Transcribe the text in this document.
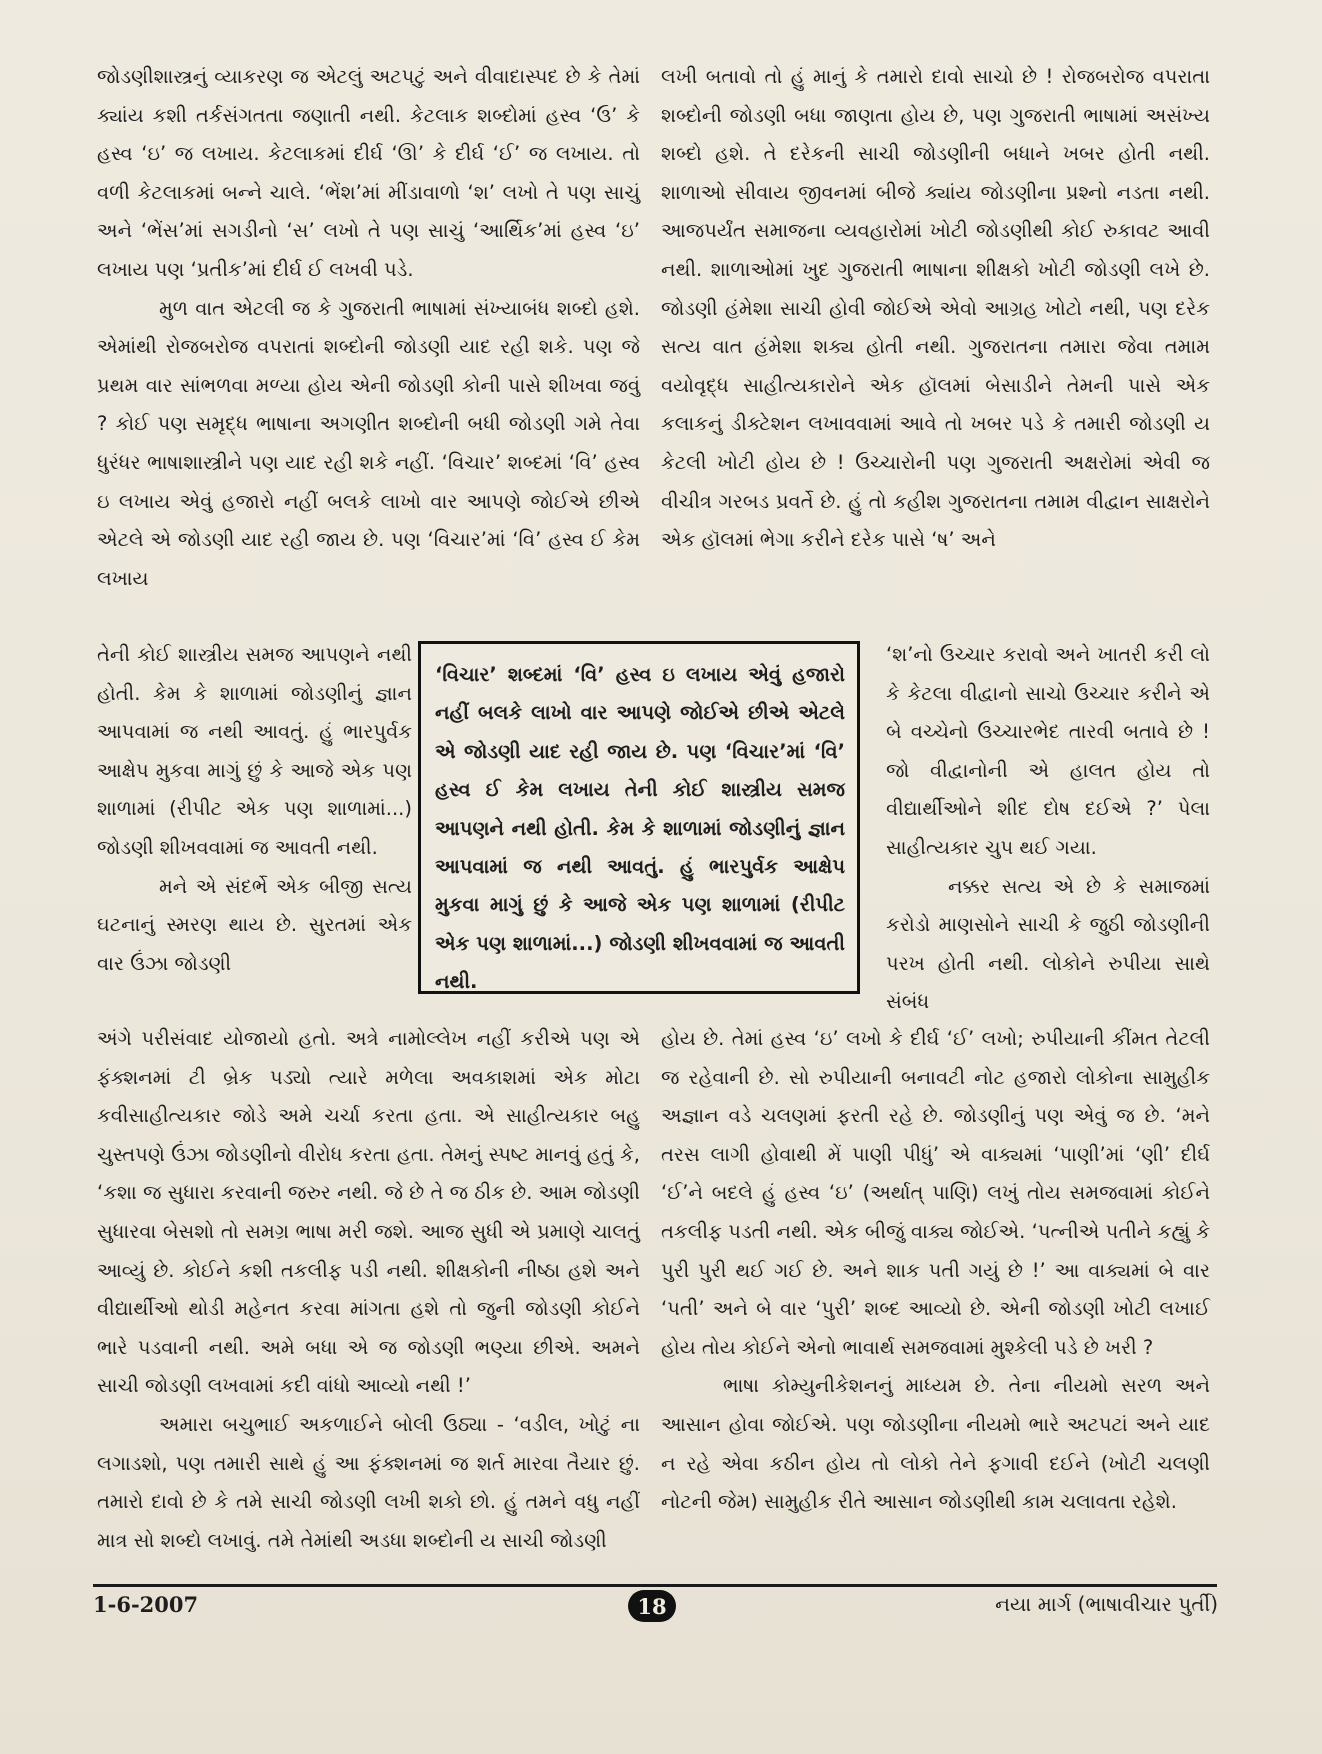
જોડણીશાસ્ત્રનું વ્યાકરણ જ એટલું અટપટું અને વીવાદાસ્પદ છે કે તેમાં ક્યાંય કશી તર્કસંગતતા જણાતી નથી. કેટલાક શબ્દોમાં હસ્વ ‘ઉ’ કે હસ્વ ‘ઇ’ જ લખાય. કેટલાકમાં દીર્ઘ ‘ઊ’ કે દીર્ઘ ‘ઈ’ જ લખાય. તો વળી કેટલાકમાં બન્ને ચાલે. ‘ભેંશ’માં મીંડાવાળો ‘શ’ લખો તે પણ સાચું અને ‘ભેંસ’માં સગડીનો ‘સ’ લખો તે પણ સાચું ‘આર્થિક’માં હસ્વ ‘ઇ’ લખાય પણ ‘પ્રતીક’માં દીર્ઘ ઈ લખવી પડે.

મુળ વાત એટલી જ કે ગુજરાતી ભાષામાં સંખ્યાબંધ શબ્દો હશે. એમાંથી રોજબરોજ વપરાતાં શબ્દોની જોડણી યાદ રહી શકે. પણ જે પ્રથમ વાર સાંભળવા મળ્યા હોય એની જોડણી કોની પાસે શીખવા જવું ? કોઈ પણ સમૃદ્ધ ભાષાના અગણીત શબ્દોની બધી જોડણી ગમે તેવા ધુરંધર ભાષાશાસ્ત્રીને પણ યાદ રહી શકે નહીં. ‘વિચાર’ શબ્દમાં ‘વિ’ હસ્વ ઇ લખાય એવું હજારો નહીં બલકે લાખો વાર આપણે જોઈએ છીએ એટલે એ જોડણી યાદ રહી જાય છે. પણ ‘વિચાર’માં ‘વિ’ હસ્વ ઈ કેમ લખાય

તેની કોઈ શાસ્ત્રીય સમજ આપણને નથી હોતી. કેમ કે શાળામાં જોડણીનું જ્ઞાન આપવામાં જ નથી આવતું. હું ભારપુર્વક આક્ષેપ મુકવા માગું છું કે આજે એક પણ શાળામાં (રીપીટ એક પણ શાળામાં...) જોડણી શીખવવામાં જ આવતી નથી.

મને એ સંદર્ભે એક બીજી સત્ય ઘટનાનું સ્મરણ થાય છે. સુરતમાં એક વાર ઉંઝા જોડણી

‘વિચાર’ શબ્દમાં ‘વિ’ હસ્વ ઇ લખાય એવું હજારો નહીં બલકે લાખો વાર આપણે જોઈએ છીએ એટલે એ જોડણી યાદ રહી જાય છે. પણ ‘વિચાર’માં ‘વિ’ હસ્વ ઈ કેમ લખાય તેની કોઈ શાસ્ત્રીય સમજ આપણને નથી હોતી. કેમ કે શાળામાં જોડણીનું જ્ઞાન આપવામાં જ નથી આવતું. હું ભારપુર્વક આક્ષેપ મુકવા માગું છું કે આજે એક પણ શાળામાં (રીપીટ એક પણ શાળામાં...) જોડણી શીખવવામાં જ આવતી નથી.

અંગે પરીસંવાદ યોજાયો હતો. અત્રે નામોલ્લેખ નહીં કરીએ પણ એ ફંક્શનમાં ટી બ્રેક પડ્યો ત્યારે મળેલા અવકાશમાં એક મોટા કવીસાહીત્યકાર જોડે અમે ચર્ચા કરતા હતા. એ સાહીત્યકાર બહુ ચુસ્તપણે ઉંઝા જોડણીનો વીરોધ કરતા હતા. તેમનું સ્પષ્ટ માનવું હતું કે, ‘કશા જ સુધારા કરવાની જરુર નથી. જે છે તે જ ઠીક છે. આમ જોડણી સુધારવા બેસશો તો સમગ્ર ભાષા મરી જશે. આજ સુધી એ પ્રમાણે ચાલતું આવ્યું છે. કોઈને કશી તકલીફ પડી નથી. શીક્ષકોની નીષ્ઠા હશે અને વીદ્યાર્થીઓ થોડી મહેનત કરવા માંગતા હશે તો જુની જોડણી કોઈને ભારે પડવાની નથી. અમે બધા એ જ જોડણી ભણ્યા છીએ. અમને સાચી જોડણી લખવામાં કદી વાંધો આવ્યો નથી !’

અમારા બચુભાઈ અકળાઈને બોલી ઉઠ્યા - ‘વડીલ, ખોટું ના લગાડશો, પણ તમારી સાથે હું આ ફંક્શનમાં જ શર્ત મારવા તૈયાર છું. તમારો દાવો છે કે તમે સાચી જોડણી લખી શકો છો. હું તમને વધુ નહીં માત્ર સો શબ્દો લખાવું. તમે તેમાંથી અડધા શબ્દોની ય સાચી જોડણી

લખી બતાવો તો હું માનું કે તમારો દાવો સાચો છે ! રોજબરોજ વપરાતા શબ્દોની જોડણી બધા જાણતા હોય છે, પણ ગુજરાતી ભાષામાં અસંખ્ય શબ્દો હશે. તે દરેકની સાચી જોડણીની બધાને ખબર હોતી નથી. શાળાઓ સીવાય જીવનમાં બીજે ક્યાંય જોડણીના પ્રશ્નો નડતા નથી. આજપર્યંત સમાજના વ્યવહારોમાં ખોટી જોડણીથી કોઈ રુકાવટ આવી નથી. શાળાઓમાં ખુદ ગુજરાતી ભાષાના શીક્ષકો ખોટી જોડણી લખે છે. જોડણી હંમેશા સાચી હોવી જોઈએ એવો આગ્રહ ખોટો નથી, પણ દરેક સત્ય વાત હંમેશા શક્ય હોતી નથી. ગુજરાતના તમારા જેવા તમામ વયોવૃદ્ધ સાહીત્યકારોને એક હૉલમાં બેસાડીને તેમની પાસે એક કલાકનું ડીક્ટેશન લખાવવામાં આવે તો ખબર પડે કે તમારી જોડણી ય કેટલી ખોટી હોય છે ! ઉચ્ચારોની પણ ગુજરાતી અક્ષરોમાં એવી જ વીચીત્ર ગરબડ પ્રવર્તે છે. હું તો કહીશ ગુજરાતના તમામ વીદ્વાન સાક્ષરોને એક હૉલમાં ભેગા કરીને દરેક પાસે ‘ષ’ અને

‘શ’નો ઉચ્ચાર કરાવો અને ખાતરી કરી લો કે કેટલા વીદ્વાનો સાચો ઉચ્ચાર કરીને એ બે વચ્ચેનો ઉચ્ચારભેદ તારવી બતાવે છે ! જો વીદ્વાનોની એ હાલત હોય તો વીદ્યાર્થીઓને શીદ દોષ દઈએ ?’ પેલા સાહીત્યકાર ચુપ થઈ ગયા.

નક્કર સત્ય એ છે કે સમાજમાં કરોડો માણસોને સાચી કે જુઠી જોડણીની પરખ હોતી નથી. લોકોને રુપીયા સાથે સંબંધ

હોય છે. તેમાં હસ્વ ‘ઇ’ લખો કે દીર્ઘ ‘ઈ’ લખો; રુપીયાની કીંમત તેટલી જ રહેવાની છે. સો રુપીયાની બનાવટી નોટ હજારો લોકોના સામુહીક અજ્ઞાન વડે ચલણમાં ફરતી રહે છે. જોડણીનું પણ એવું જ છે. ‘મને તરસ લાગી હોવાથી મેં પાણી પીધું’ એ વાક્યમાં ‘પાણી’માં ‘ણી’ દીર્ઘ ‘ઈ’ને બદલે હું હસ્વ ‘ઇ’ (અર્થાત્ પાણિ) લખું તોય સમજવામાં કોઈને તકલીફ પડતી નથી. એક બીજું વાક્ય જોઈએ. ‘પત્નીએ પતીને કહ્યું કે પુરી પુરી થઈ ગઈ છે. અને શાક પતી ગયું છે !’ આ વાક્યમાં બે વાર ‘પતી’ અને બે વાર ‘પુરી’ શબ્દ આવ્યો છે. એની જોડણી ખોટી લખાઈ હોય તોય કોઈને એનો ભાવાર્થ સમજવામાં મુશ્કેલી પડે છે ખરી ?

ભાષા કોમ્યુનીકેશનનું માધ્યમ છે. તેના નીયમો સરળ અને આસાન હોવા જોઈએ. પણ જોડણીના નીયમો ભારે અટપટાં અને યાદ ન રહે એવા કઠીન હોય તો લોકો તેને ફગાવી દઈને (ખોટી ચલણી નોટની જેમ) સામુહીક રીતે આસાન જોડણીથી કામ ચલાવતા રહેશે.

1-6-2007	18	નયા માર્ગ (ભાષાવીચાર પુર્તી)
